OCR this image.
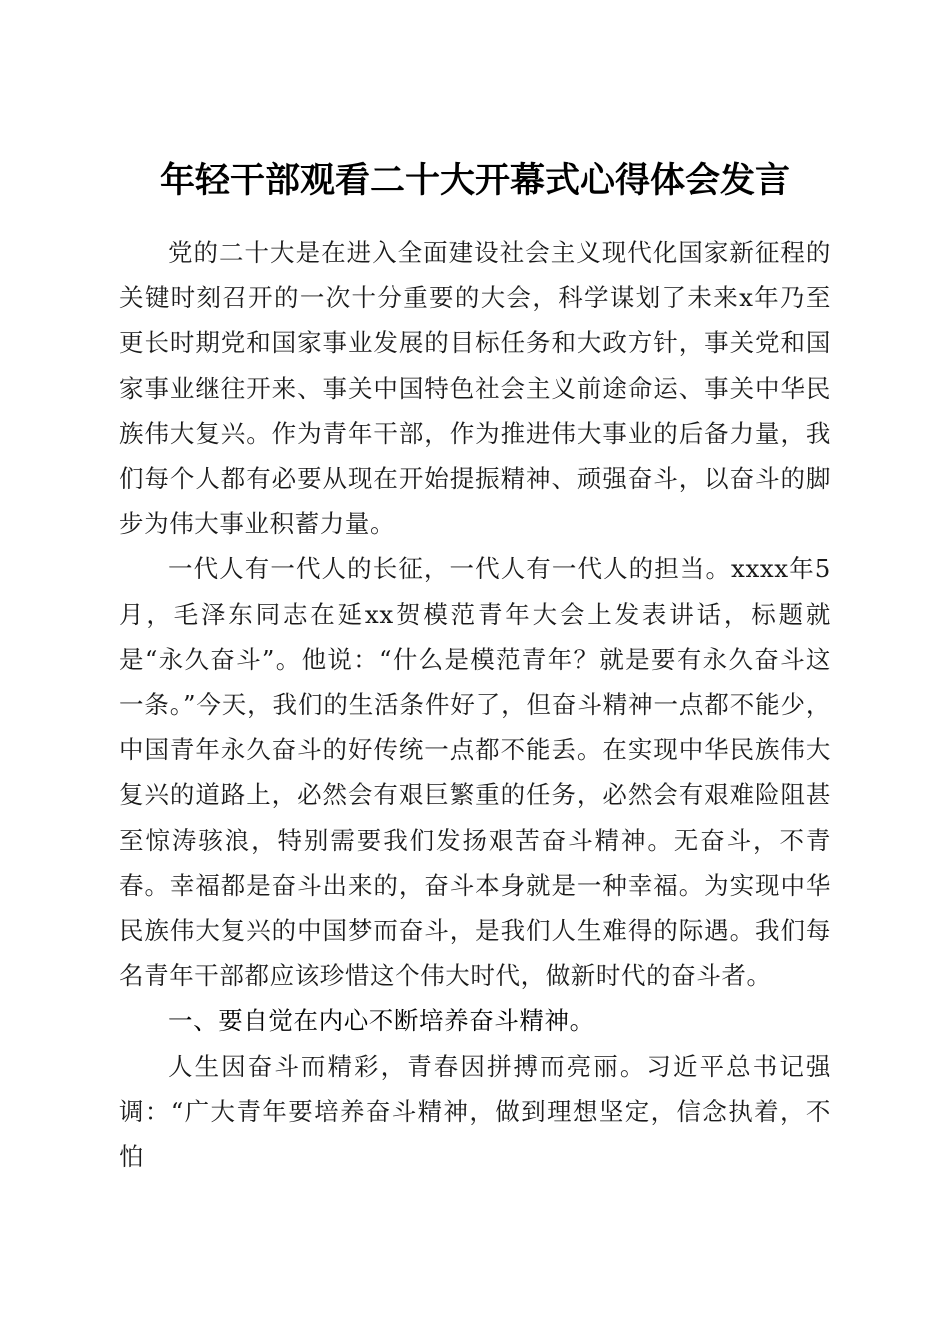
年轻干部观看二十大开幕式心得体会发言

党的二十大是在进入全面建设社会主义现代化国家新征程的关键时刻召开的一次十分重要的大会，科学谋划了未来x年乃至更长时期党和国家事业发展的目标任务和大政方针，事关党和国家事业继往开来、事关中国特色社会主义前途命运、事关中华民族伟大复兴。作为青年干部，作为推进伟大事业的后备力量，我们每个人都有必要从现在开始提振精神、顽强奋斗，以奋斗的脚步为伟大事业积蓄力量。

一代人有一代人的长征，一代人有一代人的担当。xxxx年5月，毛泽东同志在延xx贺模范青年大会上发表讲话，标题就是“永久奋斗”。他说：“什么是模范青年？就是要有永久奋斗这一条。”今天，我们的生活条件好了，但奋斗精神一点都不能少，中国青年永久奋斗的好传统一点都不能丢。在实现中华民族伟大复兴的道路上，必然会有艰巨繁重的任务，必然会有艰难险阻甚至惊涛骇浪，特别需要我们发扬艰苦奋斗精神。无奋斗，不青春。幸福都是奋斗出来的，奋斗本身就是一种幸福。为实现中华民族伟大复兴的中国梦而奋斗，是我们人生难得的际遇。我们每名青年干部都应该珍惜这个伟大时代，做新时代的奋斗者。

一、要自觉在内心不断培养奋斗精神。

人生因奋斗而精彩，青春因拼搏而亮丽。习近平总书记强调：“广大青年要培养奋斗精神，做到理想坚定，信念执着，不怕
